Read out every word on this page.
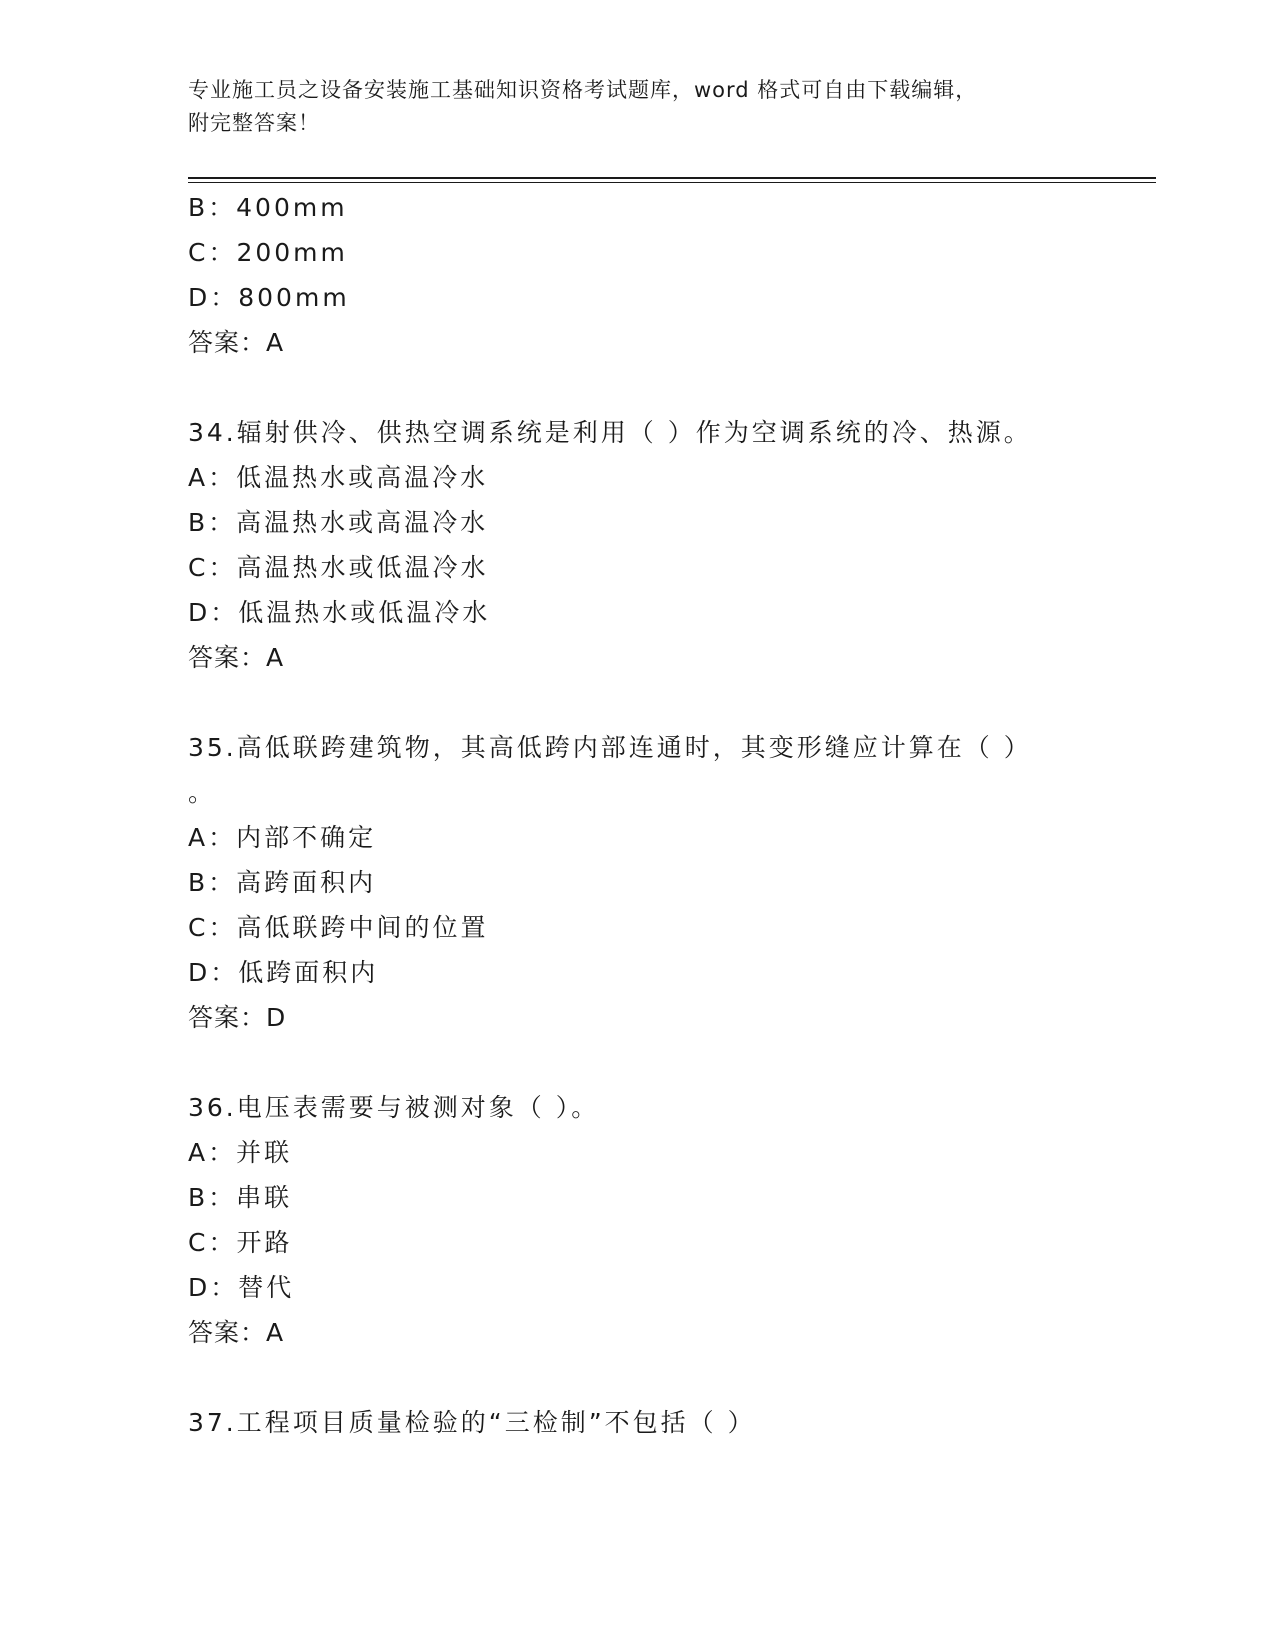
专业施工员之设备安装施工基础知识资格考试题库，word 格式可自由下载编辑，
附完整答案！
B：400mm
C：200mm
D：800mm
答案：A
34.辐射供冷、供热空调系统是利用（ ）作为空调系统的冷、热源。
A：低温热水或高温冷水
B：高温热水或高温冷水
C：高温热水或低温冷水
D：低温热水或低温冷水
答案：A
35.高低联跨建筑物，其高低跨内部连通时，其变形缝应计算在（ ）
。
A：内部不确定
B：高跨面积内
C：高低联跨中间的位置
D：低跨面积内
答案：D
36.电压表需要与被测对象（ ）。
A：并联
B：串联
C：开路
D：替代
答案：A
37.工程项目质量检验的“三检制”不包括（ ）
